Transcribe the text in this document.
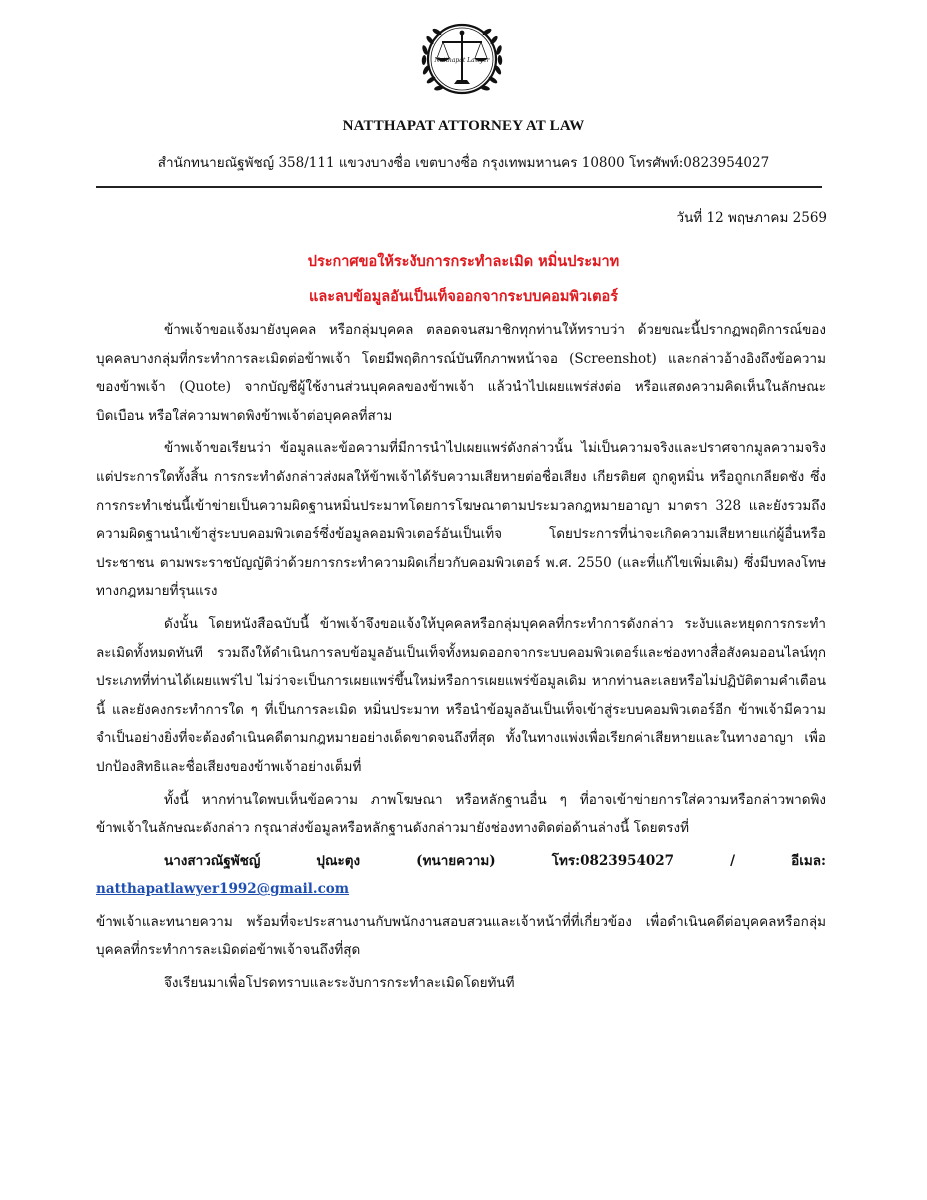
Natthapat Lawyer
NATTHAPAT ATTORNEY AT LAW
สำนักทนายณัฐพัชญ์ 358/111 แขวงบางซื่อ เขตบางซื่อ กรุงเทพมหานคร 10800 โทรศัพท์:0823954027
วันที่ 12 พฤษภาคม 2569
ประกาศขอให้ระงับการกระทำละเมิด หมิ่นประมาท
และลบข้อมูลอันเป็นเท็จออกจากระบบคอมพิวเตอร์

ข้าพเจ้าขอแจ้งมายังบุคคล หรือกลุ่มบุคคล ตลอดจนสมาชิกทุกท่านให้ทราบว่า ด้วยขณะนี้ปรากฏพฤติการณ์ของบุคคลบางกลุ่มที่กระทำการละเมิดต่อข้าพเจ้า โดยมีพฤติการณ์บันทึกภาพหน้าจอ (Screenshot) และกล่าวอ้างอิงถึงข้อความของข้าพเจ้า (Quote) จากบัญชีผู้ใช้งานส่วนบุคคลของข้าพเจ้า แล้วนำไปเผยแพร่ส่งต่อ หรือแสดงความคิดเห็นในลักษณะบิดเบือน หรือใส่ความพาดพิงข้าพเจ้าต่อบุคคลที่สาม

ข้าพเจ้าขอเรียนว่า ข้อมูลและข้อความที่มีการนำไปเผยแพร่ดังกล่าวนั้น ไม่เป็นความจริงและปราศจากมูลความจริงแต่ประการใดทั้งสิ้น การกระทำดังกล่าวส่งผลให้ข้าพเจ้าได้รับความเสียหายต่อชื่อเสียง เกียรติยศ ถูกดูหมิ่น หรือถูกเกลียดชัง ซึ่งการกระทำเช่นนี้เข้าข่ายเป็นความผิดฐานหมิ่นประมาทโดยการโฆษณาตามประมวลกฎหมายอาญา มาตรา 328 และยังรวมถึงความผิดฐานนำเข้าสู่ระบบคอมพิวเตอร์ซึ่งข้อมูลคอมพิวเตอร์อันเป็นเท็จ โดยประการที่น่าจะเกิดความเสียหายแก่ผู้อื่นหรือประชาชน ตามพระราชบัญญัติว่าด้วยการกระทำความผิดเกี่ยวกับคอมพิวเตอร์ พ.ศ. 2550 (และที่แก้ไขเพิ่มเติม) ซึ่งมีบทลงโทษทางกฎหมายที่รุนแรง

ดังนั้น โดยหนังสือฉบับนี้ ข้าพเจ้าจึงขอแจ้งให้บุคคลหรือกลุ่มบุคคลที่กระทำการดังกล่าว ระงับและหยุดการกระทำละเมิดทั้งหมดทันที รวมถึงให้ดำเนินการลบข้อมูลอันเป็นเท็จทั้งหมดออกจากระบบคอมพิวเตอร์และช่องทางสื่อสังคมออนไลน์ทุกประเภทที่ท่านได้เผยแพร่ไป ไม่ว่าจะเป็นการเผยแพร่ขึ้นใหม่หรือการเผยแพร่ข้อมูลเดิม หากท่านละเลยหรือไม่ปฏิบัติตามคำเตือนนี้ และยังคงกระทำการใด ๆ ที่เป็นการละเมิด หมิ่นประมาท หรือนำข้อมูลอันเป็นเท็จเข้าสู่ระบบคอมพิวเตอร์อีก ข้าพเจ้ามีความจำเป็นอย่างยิ่งที่จะต้องดำเนินคดีตามกฎหมายอย่างเด็ดขาดจนถึงที่สุด ทั้งในทางแพ่งเพื่อเรียกค่าเสียหายและในทางอาญา เพื่อปกป้องสิทธิและชื่อเสียงของข้าพเจ้าอย่างเต็มที่

ทั้งนี้ หากท่านใดพบเห็นข้อความ ภาพโฆษณา หรือหลักฐานอื่น ๆ ที่อาจเข้าข่ายการใส่ความหรือกล่าวพาดพิงข้าพเจ้าในลักษณะดังกล่าว กรุณาส่งข้อมูลหรือหลักฐานดังกล่าวมายังช่องทางติดต่อด้านล่างนี้ โดยตรงที่

นางสาวณัฐพัชญ์ ปุณะตุง (ทนายความ) โทร:0823954027 / อีเมล: natthapatlawyer1992@gmail.com

ข้าพเจ้าและทนายความ พร้อมที่จะประสานงานกับพนักงานสอบสวนและเจ้าหน้าที่ที่เกี่ยวข้อง เพื่อดำเนินคดีต่อบุคคลหรือกลุ่มบุคคลที่กระทำการละเมิดต่อข้าพเจ้าจนถึงที่สุด

จึงเรียนมาเพื่อโปรดทราบและระงับการกระทำละเมิดโดยทันที
